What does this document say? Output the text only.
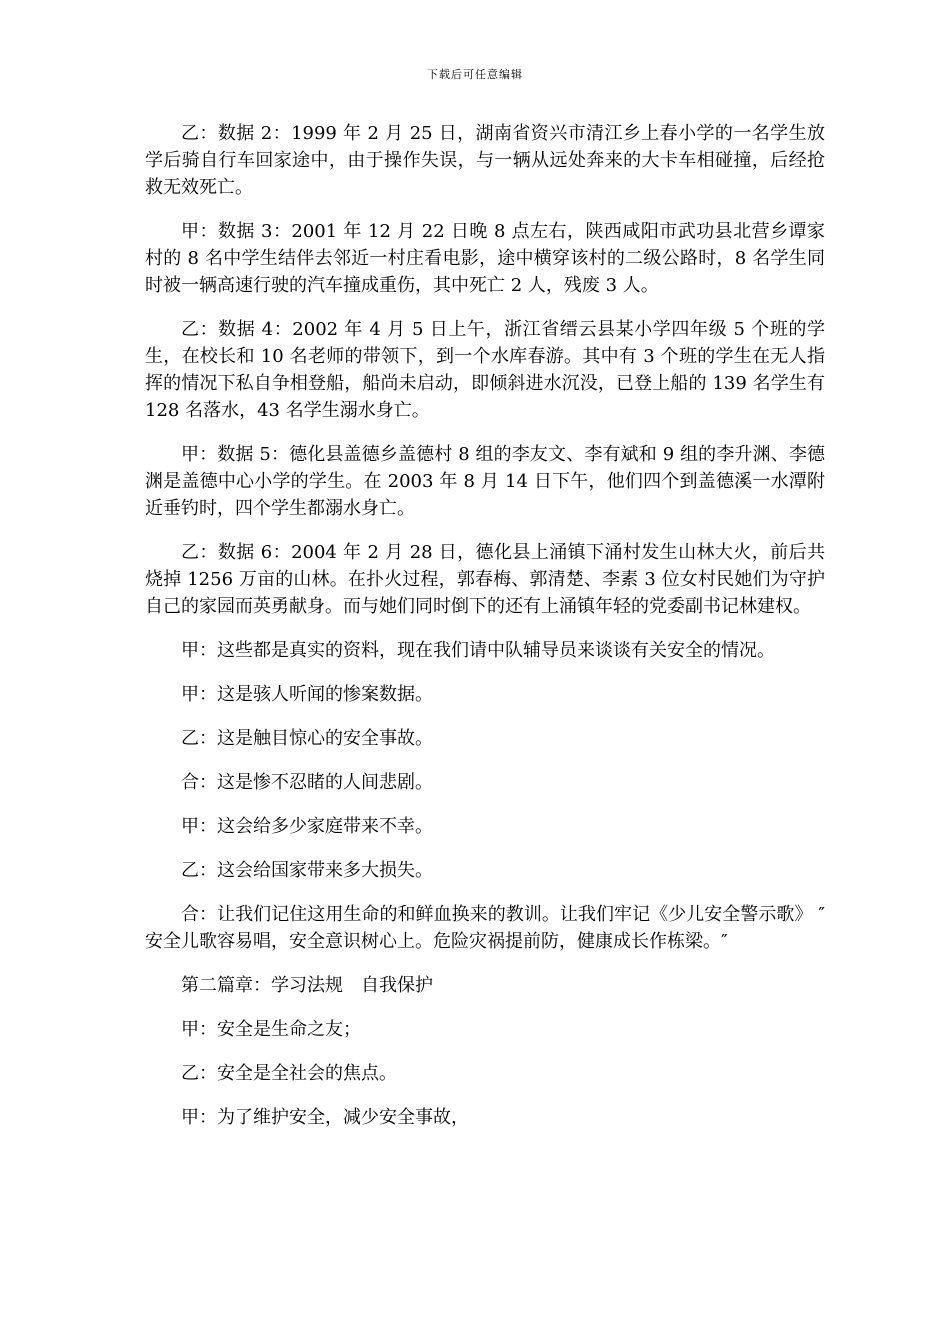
下载后可任意编辑

乙：数据 2：1999 年 2 月 25 日，湖南省资兴市清江乡上春小学的一名学生放学后骑自行车回家途中，由于操作失误，与一辆从远处奔来的大卡车相碰撞，后经抢救无效死亡。

甲：数据 3：2001 年 12 月 22 日晚 8 点左右，陕西咸阳市武功县北营乡谭家村的 8 名中学生结伴去邻近一村庄看电影，途中横穿该村的二级公路时，8 名学生同时被一辆高速行驶的汽车撞成重伤，其中死亡 2 人，残废 3 人。

乙：数据 4：2002 年 4 月 5 日上午，浙江省缙云县某小学四年级 5 个班的学生，在校长和 10 名老师的带领下，到一个水库春游。其中有 3 个班的学生在无人指挥的情况下私自争相登船，船尚未启动，即倾斜进水沉没，已登上船的 139 名学生有 128 名落水，43 名学生溺水身亡。

甲：数据 5：德化县盖德乡盖德村 8 组的李友文、李有斌和 9 组的李升渊、李德渊是盖德中心小学的学生。在 2003 年 8 月 14 日下午，他们四个到盖德溪一水潭附近垂钓时，四个学生都溺水身亡。

乙：数据 6：2004 年 2 月 28 日，德化县上涌镇下涌村发生山林大火，前后共烧掉 1256 万亩的山林。在扑火过程，郭春梅、郭清楚、李素 3 位女村民她们为守护自己的家园而英勇献身。而与她们同时倒下的还有上涌镇年轻的党委副书记林建权。

甲：这些都是真实的资料，现在我们请中队辅导员来谈谈有关安全的情况。

甲：这是骇人听闻的惨案数据。

乙：这是触目惊心的安全事故。

合：这是惨不忍睹的人间悲剧。

甲：这会给多少家庭带来不幸。

乙：这会给国家带来多大损失。

合：让我们记住这用生命的和鲜血换来的教训。让我们牢记《少儿安全警示歌》 ″安全儿歌容易唱，安全意识树心上。危险灾祸提前防，健康成长作栋梁。″

第二篇章：学习法规　自我保护

甲：安全是生命之友；

乙：安全是全社会的焦点。

甲：为了维护安全，减少安全事故，
